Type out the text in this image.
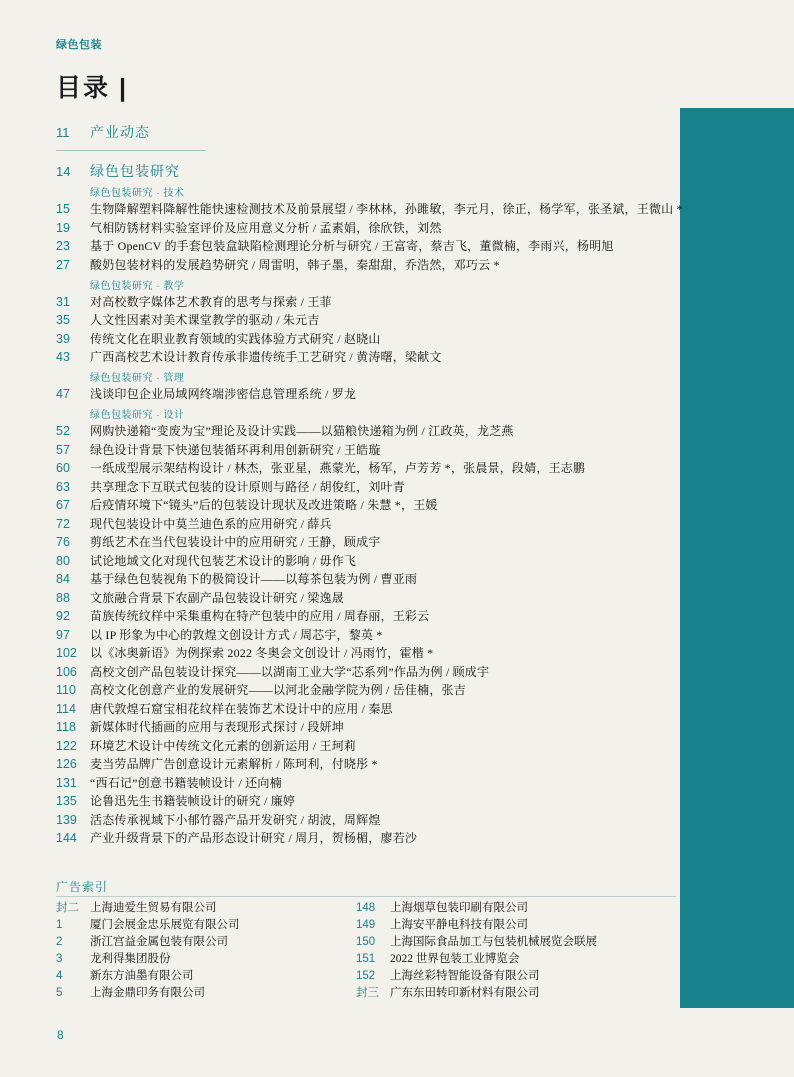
绿色包装
目录 |
11	产业动态
14	绿色包装研究
绿色包装研究 · 技术
15	生物降解塑料降解性能快速检测技术及前景展望 / 李林林，孙雎敏，李元月，徐正，杨学军，张圣斌，王微山 *
19	气相防锈材料实验室评价及应用意义分析 / 孟素娟，徐欣铁，刘然
23	基于 OpenCV 的手套包装盒缺陷检测理论分析与研究 / 王富寄，蔡吉飞，董微楠，李雨兴，杨明旭
27	酸奶包装材料的发展趋势研究 / 周雷明，韩子墨，秦甜甜，乔浩然，邓巧云 *
绿色包装研究 · 教学
31	对高校数字媒体艺术教育的思考与探索 / 王菲
35	人文性因素对美术课堂教学的驱动 / 朱元吉
39	传统文化在职业教育领域的实践体验方式研究 / 赵晓山
43	广西高校艺术设计教育传承非遗传统手工艺研究 / 黄涛曙，梁献文
绿色包装研究 · 管理
47	浅谈印包企业局域网终端涉密信息管理系统 / 罗龙
绿色包装研究 · 设计
52	网购快递箱“变废为宝”理论及设计实践——以猫粮快递箱为例 / 江政英，龙芝燕
57	绿色设计背景下快递包装循环再利用创新研究 / 王皓璇
60	一纸成型展示架结构设计 / 林杰，张亚星，燕蒙光，杨军，卢芳芳 *，张晨景，段婧，王志鹏
63	共享理念下互联式包装的设计原则与路径 / 胡俊红，刘叶青
67	后疫情环境下“镜头”后的包装设计现状及改进策略 / 朱慧 *，王媛
72	现代包装设计中莫兰迪色系的应用研究 / 薛兵
76	剪纸艺术在当代包装设计中的应用研究 / 王静，顾成宇
80	试论地域文化对现代包装艺术设计的影响 / 毋作飞
84	基于绿色包装视角下的极简设计——以莓茶包装为例 / 曹亚雨
88	文旅融合背景下农副产品包装设计研究 / 梁逸晟
92	苗族传统纹样中采集重构在特产包装中的应用 / 周春丽，王彩云
97	以 IP 形象为中心的敦煌文创设计方式 / 周芯宇，黎英 *
102	以《冰奥新语》为例探索 2022 冬奥会文创设计 / 冯雨竹，霍楷 *
106	高校文创产品包装设计探究——以湖南工业大学“芯系列”作品为例 / 顾成宇
110	高校文化创意产业的发展研究——以河北金融学院为例 / 岳佳楠，张吉
114	唐代敦煌石窟宝相花纹样在装饰艺术设计中的应用 / 秦思
118	新媒体时代插画的应用与表现形式探讨 / 段妍坤
122	环境艺术设计中传统文化元素的创新运用 / 王珂莉
126	麦当劳品牌广告创意设计元素解析 / 陈珂利，付晓彤 *
131	“西石记”创意书籍装帧设计 / 还向楠
135	论鲁迅先生书籍装帧设计的研究 / 廉婷
139	活态传承视域下小郁竹器产品开发研究 / 胡波，周辉煌
144	产业升级背景下的产品形态设计研究 / 周月，贺杨楣，廖若沙
广告索引
封二 上海迪爱生贸易有限公司
1	厦门会展金忠乐展览有限公司
2	浙江宫益金属包装有限公司
3	龙利得集团股份
4	新东方油墨有限公司
5	上海金鼎印务有限公司
148	上海烟草包装印刷有限公司
149	上海安平静电科技有限公司
150	上海国际食品加工与包装机械展览会联展
151	2022 世界包装工业博览会
152	上海丝彩特智能设备有限公司
封三 广东东田转印新材料有限公司
8
